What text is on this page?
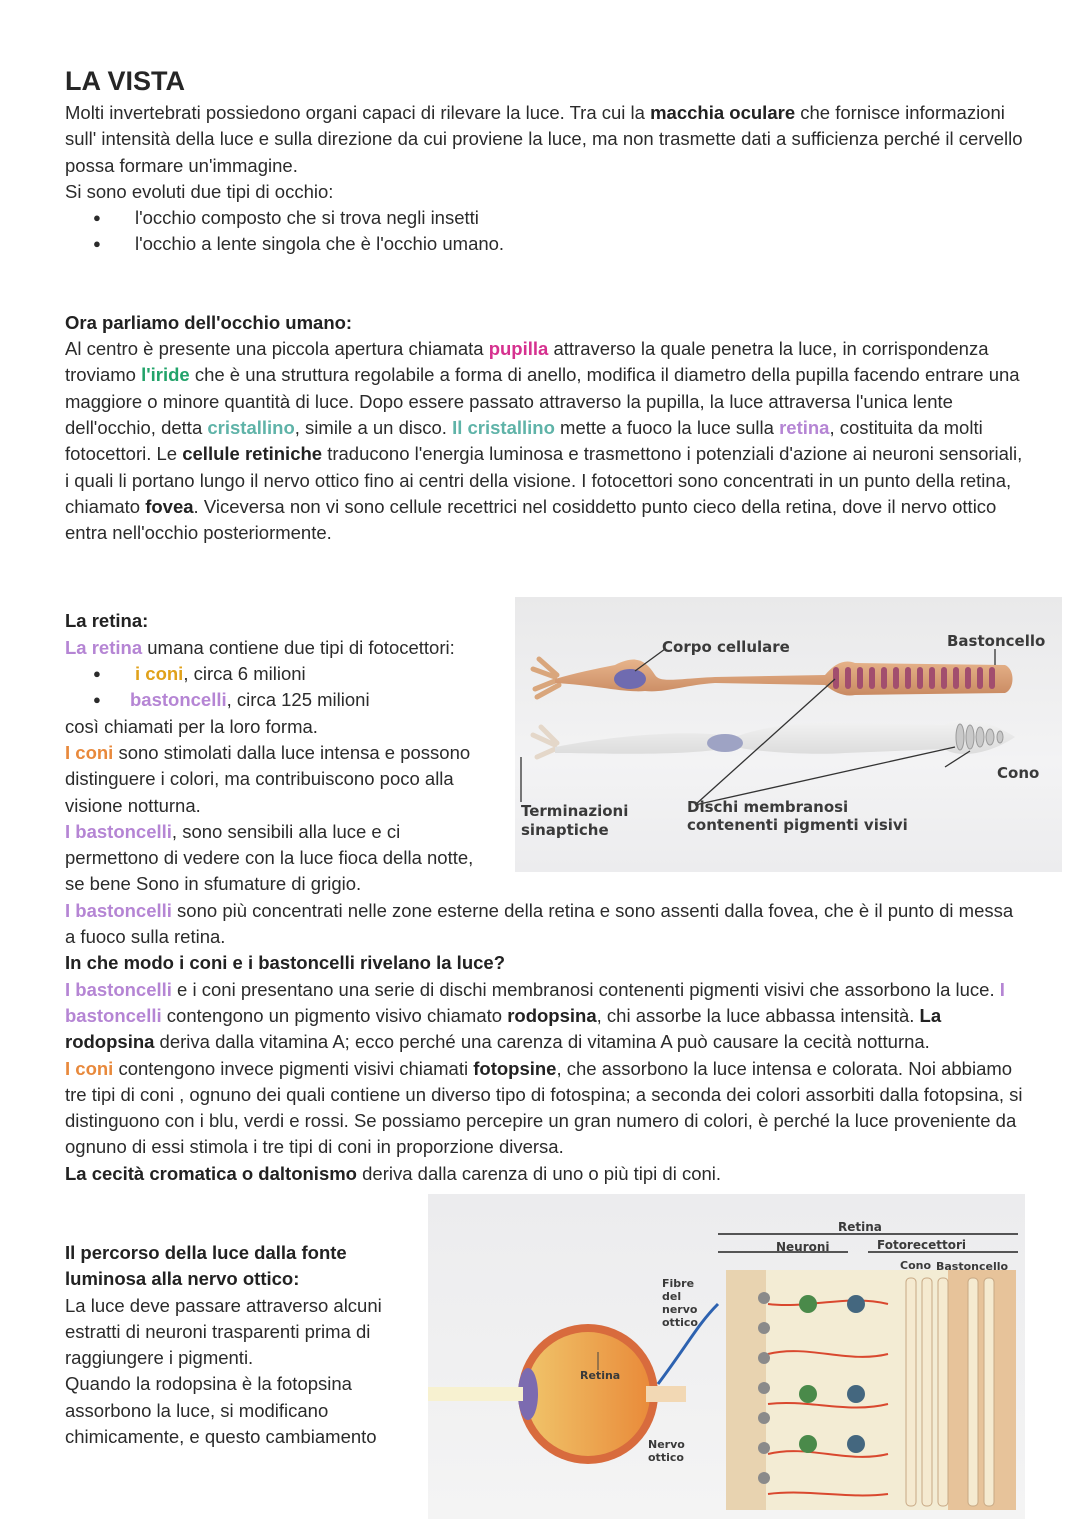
LA VISTA

Molti invertebrati possiedono organi capaci di rilevare la luce. Tra cui la macchia oculare che fornisce informazioni sull' intensità della luce e sulla direzione da cui proviene la luce, ma non trasmette dati a sufficienza perché il cervello possa formare un'immagine.

Si sono evoluti due tipi di occhio:

● l'occhio composto che si trova negli insetti
● l'occhio a lente singola che è l'occhio umano.

Ora parliamo dell'occhio umano:

Al centro è presente una piccola apertura chiamata pupilla attraverso la quale penetra la luce, in corrispondenza troviamo l'iride che è una struttura regolabile a forma di anello, modifica il diametro della pupilla facendo entrare una maggiore o minore quantità di luce. Dopo essere passato attraverso la pupilla, la luce attraversa l'unica lente dell'occhio, detta cristallino, simile a un disco. Il cristallino mette a fuoco la luce sulla retina, costituita da molti fotocettori. Le cellule retiniche traducono l'energia luminosa e trasmettono i potenziali d'azione ai neuroni sensoriali, i quali li portano lungo il nervo ottico fino ai centri della visione. I fotocettori sono concentrati in un punto della retina, chiamato fovea. Viceversa non vi sono cellule recettrici nel cosiddetto punto cieco della retina, dove il nervo ottico entra nell'occhio posteriormente.

La retina:

La retina umana contiene due tipi di fotocettori:

● i coni, circa 6 milioni
● bastoncelli, circa 125 milioni

così chiamati per la loro forma.

I coni sono stimolati dalla luce intensa e possono distinguere i colori, ma contribuiscono poco alla visione notturna.

I bastoncelli, sono sensibili alla luce e ci permettono di vedere con la luce fioca della notte, se bene Sono in sfumature di grigio.

I bastoncelli sono più concentrati nelle zone esterne della retina e sono assenti dalla fovea, che è il punto di messa a fuoco sulla retina.

In che modo i coni e i bastoncelli rivelano la luce?

I bastoncelli e i coni presentano una serie di dischi membranosi contenenti pigmenti visivi che assorbono la luce. I bastoncelli contengono un pigmento visivo chiamato rodopsina, chi assorbe la luce abbassa intensità. La rodopsina deriva dalla vitamina A; ecco perché una carenza di vitamina A può causare la cecità notturna.

I coni contengono invece pigmenti visivi chiamati fotopsine, che assorbono la luce intensa e colorata. Noi abbiamo tre tipi di coni , ognuno dei quali contiene un diverso tipo di fotospina; a seconda dei colori assorbiti dalla fotopsina, si distinguono con i blu, verdi e rossi. Se possiamo percepire un gran numero di colori, è perché la luce proveniente da ognuno di essi stimola i tre tipi di coni in proporzione diversa.

La cecità cromatica o daltonismo deriva dalla carenza di uno o più tipi di coni.

Il percorso della luce dalla fonte luminosa alla nervo ottico:

La luce deve passare attraverso alcuni estratti di neuroni trasparenti prima di raggiungere i pigmenti.

Quando la rodopsina è la fotopsina assorbono la luce, si modificano chimicamente, e questo cambiamento

Corpo cellulare	Bastoncello
Cono
Terminazioni
sinaptiche
Dischi membranosi
contenenti pigmenti visivi
Retina
Neuroni	Fotorecettori
Cono Bastoncello
Fibre
del
nervo
ottico
Retina
Nervo
ottico
